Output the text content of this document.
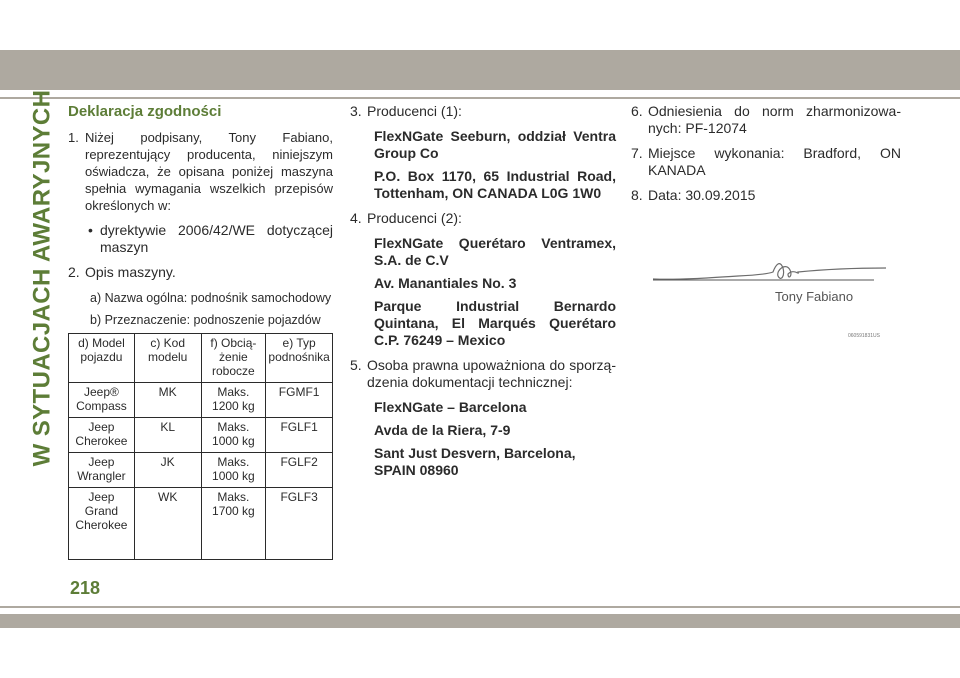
W SYTUACJACH AWARYJNYCH Deklaracja zgodności
1. Niżej podpisany, Tony Fabiano, reprezentujący producenta, niniejszym oświadcza, że opisana poniżej maszyna spełnia wymagania wszelkich przepisów określonych w:
• dyrektywie 2006/42/WE dotyczącej maszyn
2. Opis maszyny.

a) Nazwa ogólna: podnośnik samochodowy

b) Przeznaczenie: podnoszenie pojazdów

d) Model pojazdu	c) Kod modelu	f) Obciążenie robocze	e) Typ podnośnika
Jeep® Compass	MK	Maks. 1200 kg	FGMF1
Jeep Cherokee	KL	Maks. 1000 kg	FGLF1
Jeep Wrangler	JK	Maks. 1000 kg	FGLF2
Jeep Grand Cherokee	WK	Maks. 1700 kg	FGLF3
3. Producenci (1):

FlexNGate Seeburn, oddział Ventra Group Co

P.O. Box 1170, 65 Industrial Road, Tottenham, ON CANADA L0G 1W0

4. Producenci (2):

FlexNGate Querétaro Ventramex, S.A. de C.V

Av. Manantiales No. 3

Parque Industrial Bernardo Quintana, El Marqués Querétaro C.P. 76249 – Mexico

5. Osoba prawna upoważniona do sporządzenia dokumentacji technicznej:

FlexNGate – Barcelona

Avda de la Riera, 7-9

Sant Just Desvern, Barcelona, SPAIN 08960

6. Odniesienia do norm zharmonizowanych: PF-12074
7. Miejsce wykonania: Bradford, ON KANADA
8. Data: 30.09.2015
Tony Fabiano
060591831US
218
